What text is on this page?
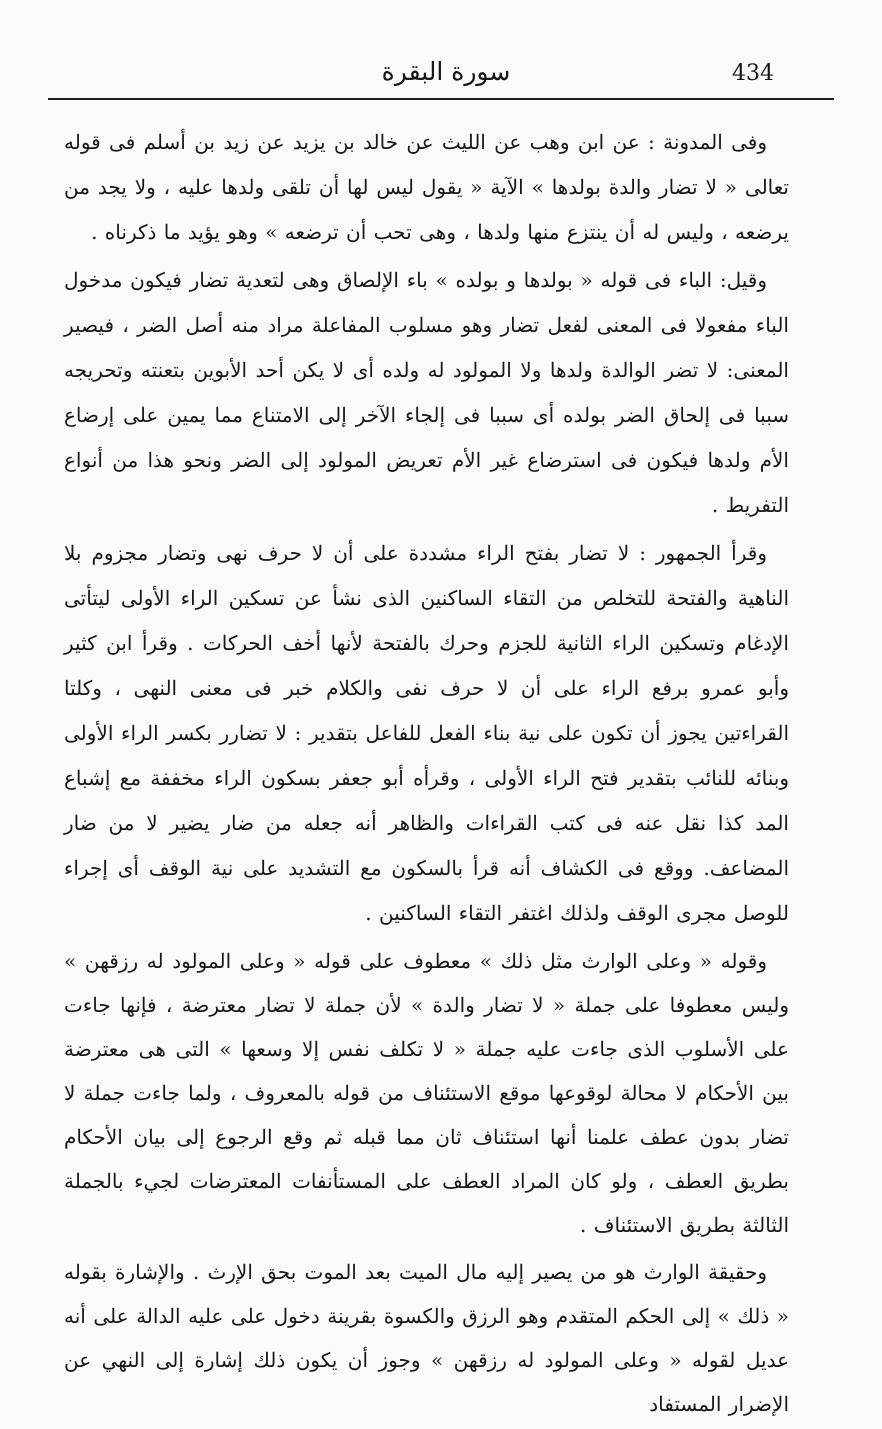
434
سورة البقرة

وفى المدونة : عن ابن وهب عن الليث عن خالد بن يزيد عن زيد بن أسلم فى قوله تعالى « لا تضار والدة بولدها » الآية « يقول ليس لها أن تلقى ولدها عليه ، ولا يجد من يرضعه ، وليس له أن ينتزع منها ولدها ، وهى تحب أن ترضعه » وهو يؤيد ما ذكرناه .

وقيل: الباء فى قوله « بولدها و بولده » باء الإلصاق وهى لتعدية تضار فيكون مدخول الباء مفعولا فى المعنى لفعل تضار وهو مسلوب المفاعلة مراد منه أصل الضر ، فيصير المعنى: لا تضر الوالدة ولدها ولا المولود له ولده أى لا يكن أحد الأبوين بتعنته وتحريجه سببا فى إلحاق الضر بولده أى سببا فى إلجاء الآخر إلى الامتناع مما يمين على إرضاع الأم ولدها فيكون فى استرضاع غير الأم تعريض المولود إلى الضر ونحو هذا من أنواع التفريط .

وقرأ الجمهور : لا تضار بفتح الراء مشددة على أن لا حرف نهى وتضار مجزوم بلا الناهية والفتحة للتخلص من التقاء الساكنين الذى نشأ عن تسكين الراء الأولى ليتأتى الإدغام وتسكين الراء الثانية للجزم وحرك بالفتحة لأنها أخف الحركات . وقرأ ابن كثير وأبو عمرو برفع الراء على أن لا حرف نفى والكلام خبر فى معنى النهى ، وكلتا القراءتين يجوز أن تكون على نية بناء الفعل للفاعل بتقدير : لا تضارر بكسر الراء الأولى وبنائه للنائب بتقدير فتح الراء الأولى ، وقرأه أبو جعفر بسكون الراء مخففة مع إشباع المد كذا نقل عنه فى كتب القراءات والظاهر أنه جعله من ضار يضير لا من ضار المضاعف. ووقع فى الكشاف أنه قرأ بالسكون مع التشديد على نية الوقف أى إجراء للوصل مجرى الوقف ولذلك اغتفر التقاء الساكنين .

وقوله « وعلى الوارث مثل ذلك » معطوف على قوله « وعلى المولود له رزقهن » وليس معطوفا على جملة « لا تضار والدة » لأن جملة لا تضار معترضة ، فإنها جاءت على الأسلوب الذى جاءت عليه جملة « لا تكلف نفس إلا وسعها » التى هى معترضة بين الأحكام لا محالة لوقوعها موقع الاستئناف من قوله بالمعروف ، ولما جاءت جملة لا تضار بدون عطف علمنا أنها استئناف ثان مما قبله ثم وقع الرجوع إلى بيان الأحكام بطريق العطف ، ولو كان المراد العطف على المستأنفات المعترضات لجيء بالجملة الثالثة بطريق الاستئناف .

وحقيقة الوارث هو من يصير إليه مال الميت بعد الموت بحق الإرث . والإشارة بقوله « ذلك » إلى الحكم المتقدم وهو الرزق والكسوة بقرينة دخول على عليه الدالة على أنه عديل لقوله « وعلى المولود له رزقهن » وجوز أن يكون ذلك إشارة إلى النهي عن الإضرار المستفاد
